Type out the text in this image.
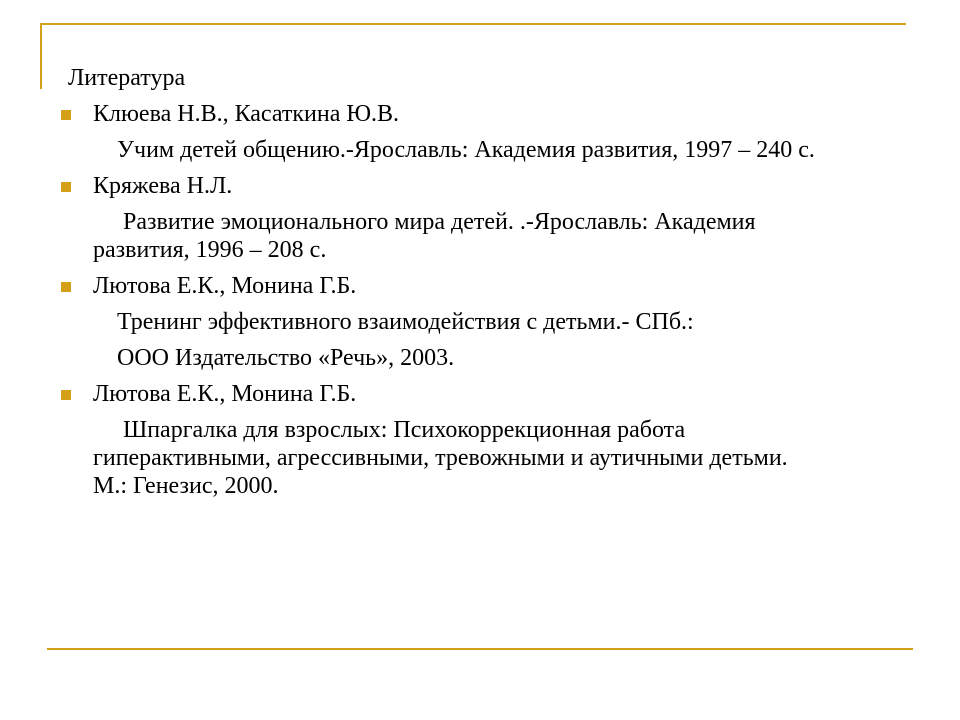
Литература
Клюева Н.В., Касаткина Ю.В.
Учим детей общению.-Ярославль: Академия развития, 1997 – 240 с.
Кряжева Н.Л.
Развитие эмоционального мира детей. .-Ярославль: Академия
развития, 1996 – 208 с.
Лютова Е.К., Монина Г.Б.
Тренинг эффективного взаимодействия с детьми.- СПб.:
ООО Издательство «Речь», 2003.
Лютова Е.К., Монина Г.Б.
Шпаргалка для взрослых: Психокоррекционная работа
гиперактивными, агрессивными, тревожными и аутичными детьми.
М.: Генезис, 2000.
